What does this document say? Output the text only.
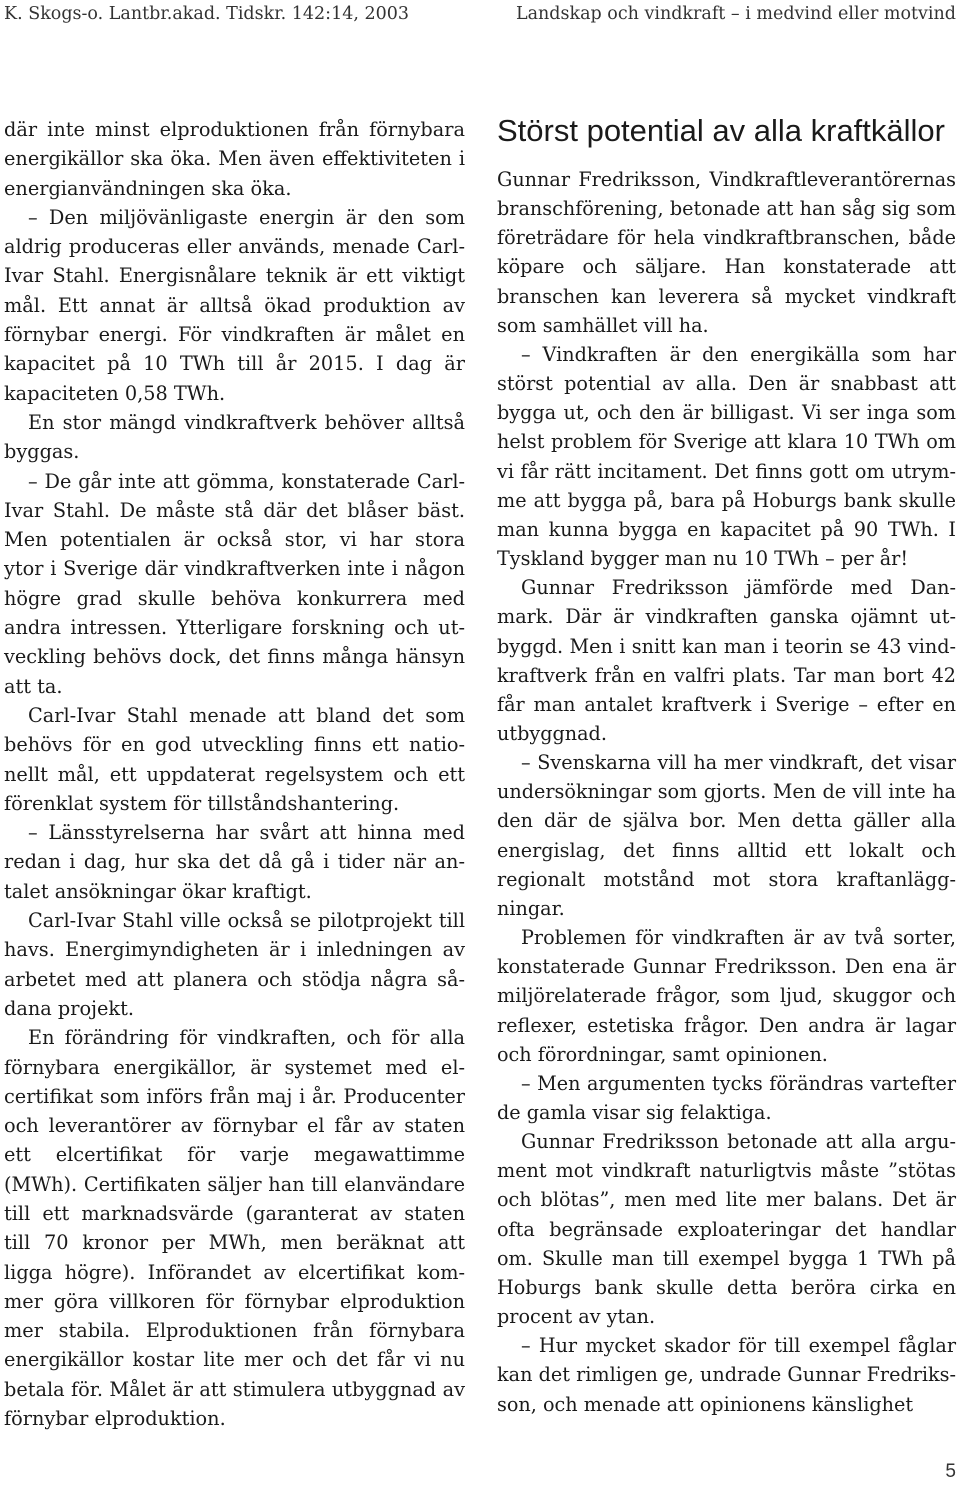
K. Skogs-o. Lantbr.akad. Tidskr. 142:14, 2003	Landskap och vindkraft – i medvind eller motvind

där inte minst elproduktionen från förnybara energikällor ska öka. Men även effektiviteten i energianvändningen ska öka.

– Den miljövänligaste energin är den som aldrig produceras eller används, menade Carl-Ivar Stahl. Energisnålare teknik är ett viktigt mål. Ett annat är alltså ökad produktion av förnybar energi. För vindkraften är målet en kapacitet på 10 TWh till år 2015. I dag är kapaciteten 0,58 TWh.

En stor mängd vindkraftverk behöver alltså byggas.

– De går inte att gömma, konstaterade Carl-Ivar Stahl. De måste stå där det blåser bäst. Men potentialen är också stor, vi har stora ytor i Sverige där vindkraftverken inte i någon högre grad skulle behöva konkurrera med andra intressen. Ytterligare forskning och utveckling behövs dock, det finns många hänsyn att ta.

Carl-Ivar Stahl menade att bland det som behövs för en god utveckling finns ett nationellt mål, ett uppdaterat regelsystem och ett förenklat system för tillståndshantering.

– Länsstyrelserna har svårt att hinna med redan i dag, hur ska det då gå i tider när antalet ansökningar ökar kraftigt.

Carl-Ivar Stahl ville också se pilotprojekt till havs. Energimyndigheten är i inledningen av arbetet med att planera och stödja några sådana projekt.

En förändring för vindkraften, och för alla förnybara energikällor, är systemet med elcertifikat som införs från maj i år. Producenter och leverantörer av förnybar el får av staten ett elcertifikat för varje megawattimme (MWh). Certifikaten säljer han till elanvändare till ett marknadsvärde (garanterat av staten till 70 kronor per MWh, men beräknat att ligga högre). Införandet av elcertifikat kommer göra villkoren för förnybar elproduktion mer stabila. Elproduktionen från förnybara energikällor kostar lite mer och det får vi nu betala för. Målet är att stimulera utbyggnad av förnybar elproduktion.

Störst potential av alla kraftkällor

Gunnar Fredriksson, Vindkraftleverantörernas branschförening, betonade att han såg sig som företrädare för hela vindkraftbranschen, både köpare och säljare. Han konstaterade att branschen kan leverera så mycket vindkraft som samhället vill ha.

– Vindkraften är den energikälla som har störst potential av alla. Den är snabbast att bygga ut, och den är billigast. Vi ser inga som helst problem för Sverige att klara 10 TWh om vi får rätt incitament. Det finns gott om utrymme att bygga på, bara på Hoburgs bank skulle man kunna bygga en kapacitet på 90 TWh. I Tyskland bygger man nu 10 TWh – per år!

Gunnar Fredriksson jämförde med Danmark. Där är vindkraften ganska ojämnt utbyggd. Men i snitt kan man i teorin se 43 vindkraftverk från en valfri plats. Tar man bort 42 får man antalet kraftverk i Sverige – efter en utbyggnad.

– Svenskarna vill ha mer vindkraft, det visar undersökningar som gjorts. Men de vill inte ha den där de själva bor. Men detta gäller alla energislag, det finns alltid ett lokalt och regionalt motstånd mot stora kraftanläggningar.

Problemen för vindkraften är av två sorter, konstaterade Gunnar Fredriksson. Den ena är miljörelaterade frågor, som ljud, skuggor och reflexer, estetiska frågor. Den andra är lagar och förordningar, samt opinionen.

– Men argumenten tycks förändras vartefter de gamla visar sig felaktiga.

Gunnar Fredriksson betonade att alla argument mot vindkraft naturligtvis måste ”stötas och blötas”, men med lite mer balans. Det är ofta begränsade exploateringar det handlar om. Skulle man till exempel bygga 1 TWh på Hoburgs bank skulle detta beröra cirka en procent av ytan.

– Hur mycket skador för till exempel fåglar kan det rimligen ge, undrade Gunnar Fredriksson, och menade att opinionens känslighet

5
